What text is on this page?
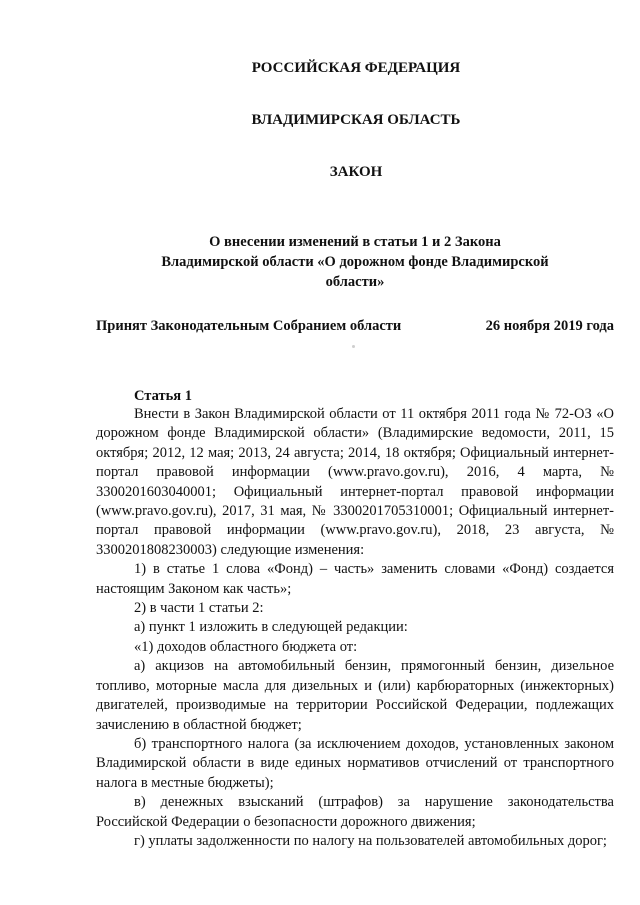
РОССИЙСКАЯ ФЕДЕРАЦИЯ
ВЛАДИМИРСКАЯ ОБЛАСТЬ
ЗАКОН

О внесении изменений в статьи 1 и 2 Закона Владимирской области «О дорожном фонде Владимирской области»

Принят Законодательным Собранием области	26 ноября 2019 года
Статья 1

Внести в Закон Владимирской области от 11 октября 2011 года № 72-ОЗ «О дорожном фонде Владимирской области» (Владимирские ведомости, 2011, 15 октября; 2012, 12 мая; 2013, 24 августа; 2014, 18 октября; Официальный интернет-портал правовой информации (www.pravo.gov.ru), 2016, 4 марта, № 3300201603040001; Официальный интернет-портал правовой информации (www.pravo.gov.ru), 2017, 31 мая, № 3300201705310001; Официальный интернет-портал правовой информации (www.pravo.gov.ru), 2018, 23 августа, № 3300201808230003) следующие изменения:

1) в статье 1 слова «Фонд) – часть» заменить словами «Фонд) создается настоящим Законом как часть»;

2) в части 1 статьи 2:

а) пункт 1 изложить в следующей редакции:

«1) доходов областного бюджета от:

а) акцизов на автомобильный бензин, прямогонный бензин, дизельное топливо, моторные масла для дизельных и (или) карбюраторных (инжекторных) двигателей, производимые на территории Российской Федерации, подлежащих зачислению в областной бюджет;

б) транспортного налога (за исключением доходов, установленных законом Владимирской области в виде единых нормативов отчислений от транспортного налога в местные бюджеты);

в) денежных взысканий (штрафов) за нарушение законодательства Российской Федерации о безопасности дорожного движения;

г) уплаты задолженности по налогу на пользователей автомобильных дорог;
